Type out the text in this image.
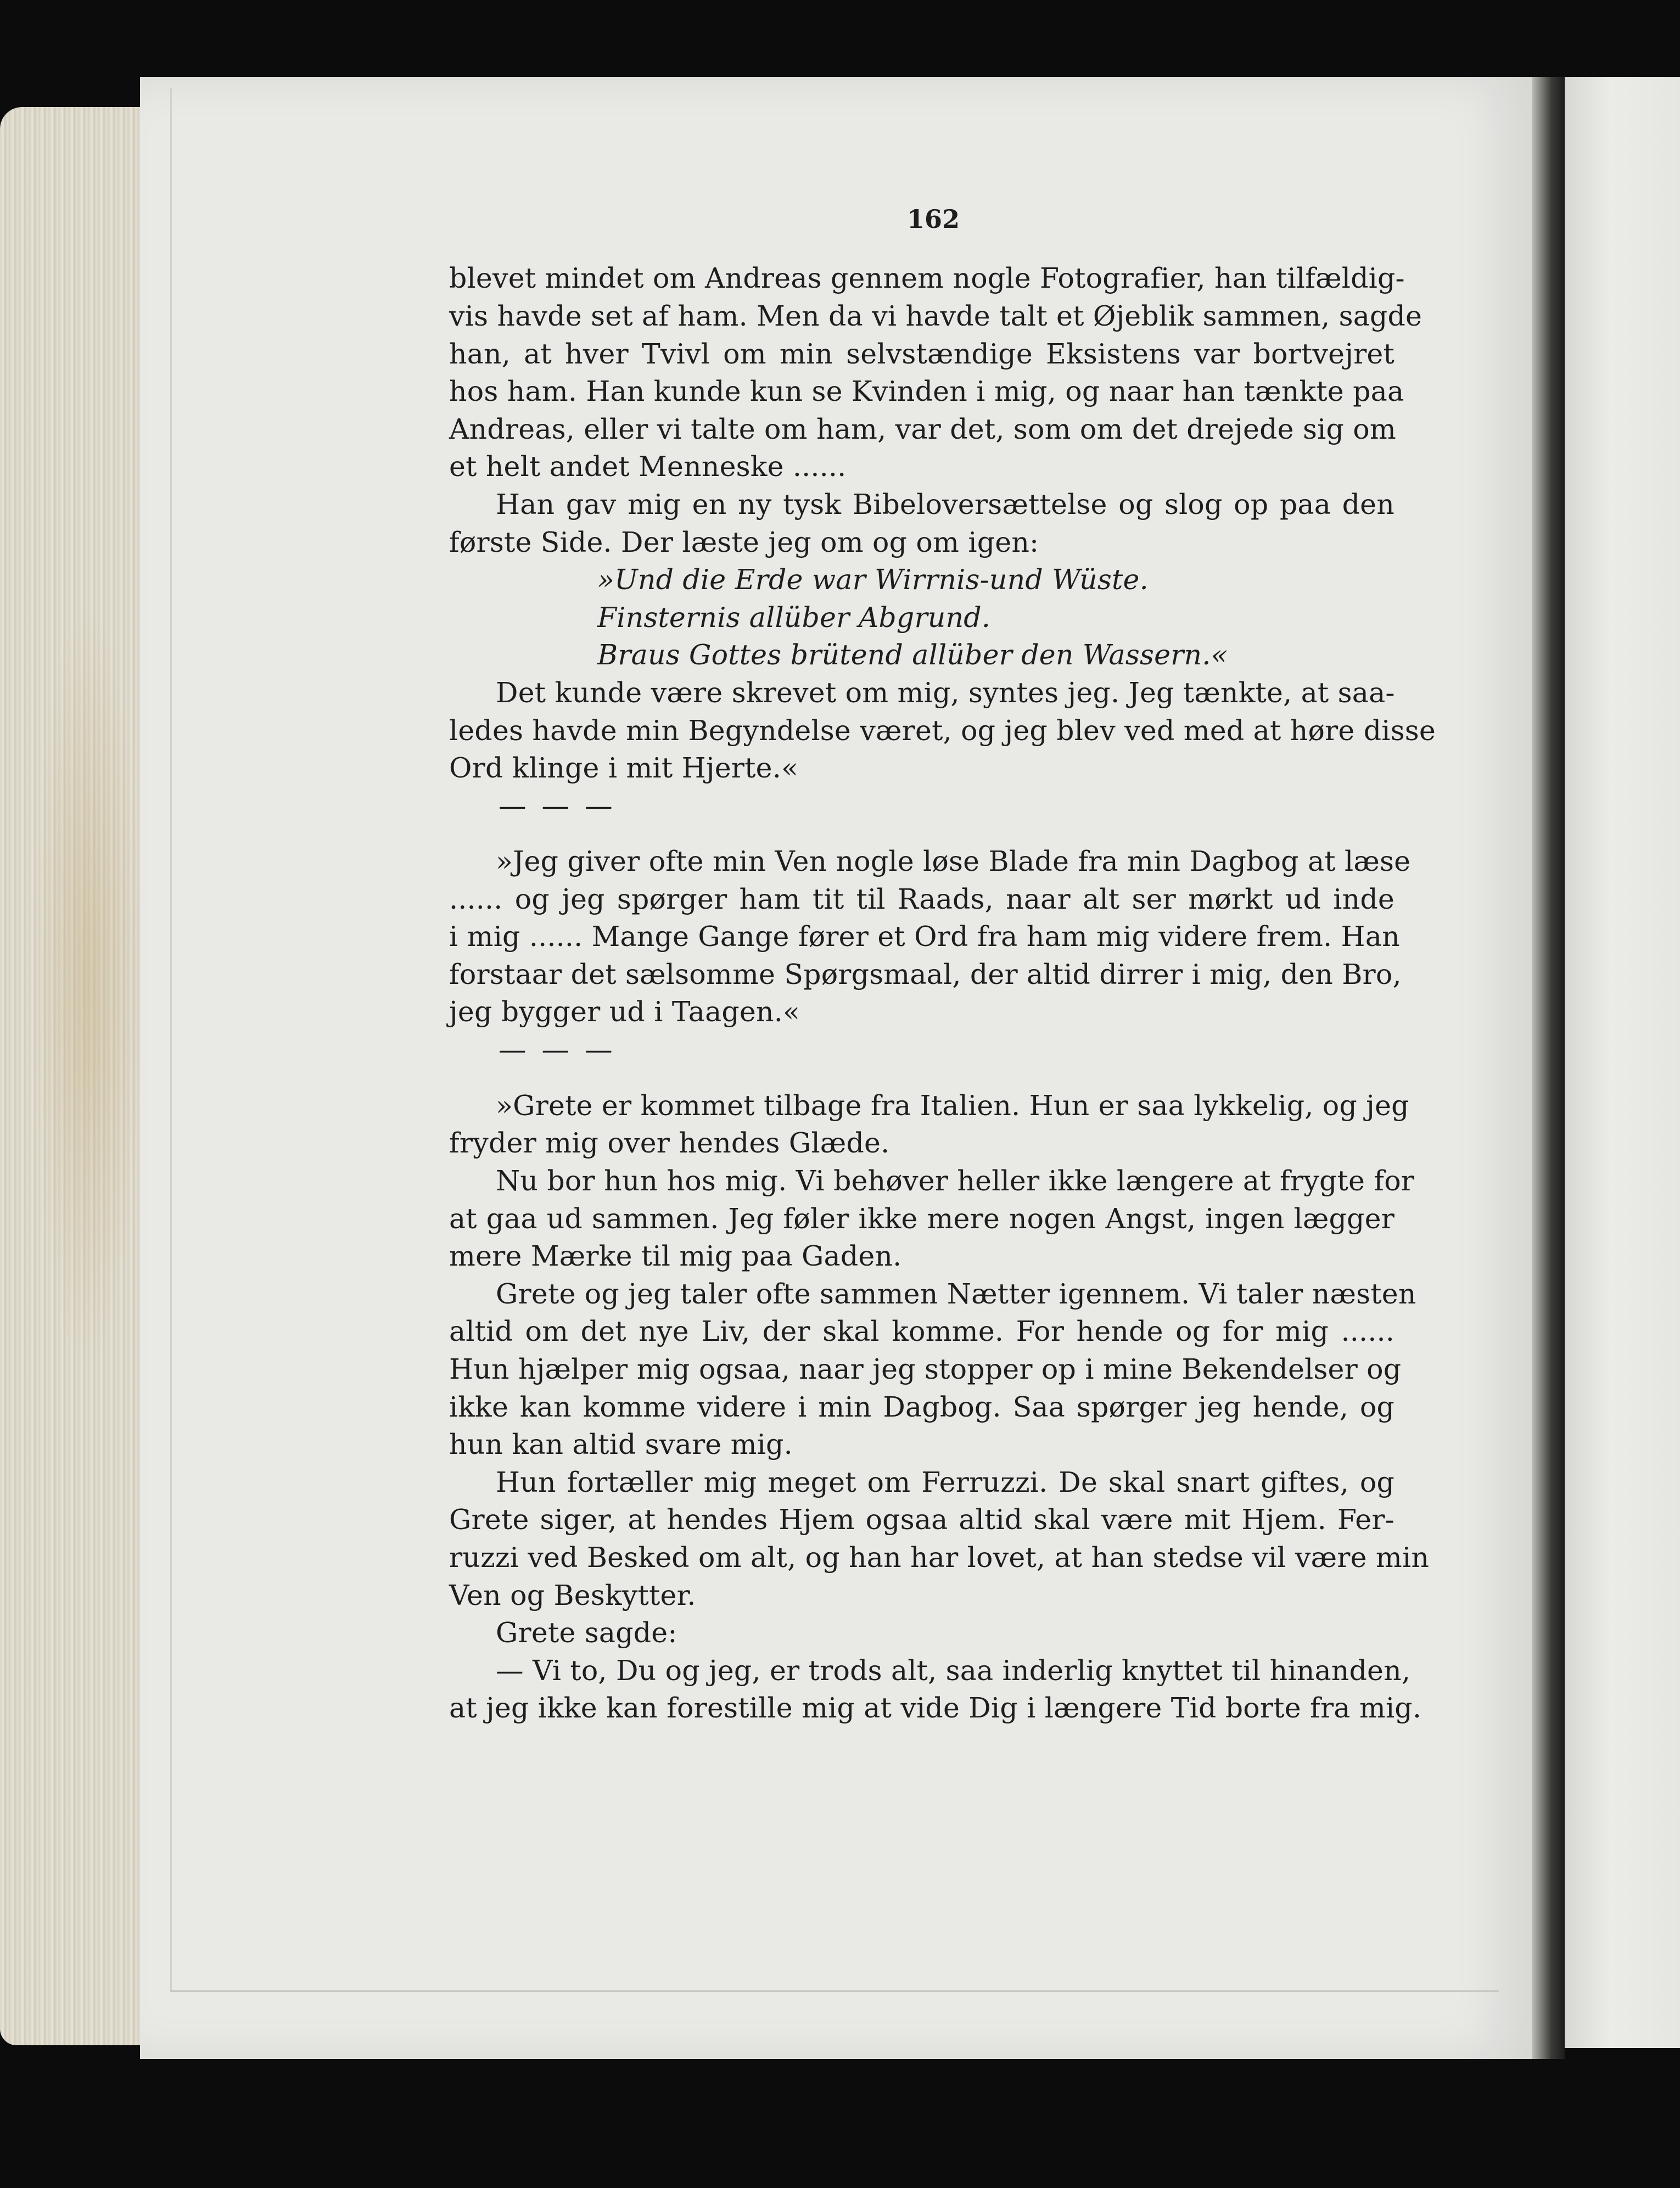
162
blevet mindet om Andreas gennem nogle Fotografier, han tilfældig-
vis havde set af ham. Men da vi havde talt et Øjeblik sammen, sagde
han, at hver Tvivl om min selvstændige Eksistens var bortvejret
hos ham. Han kunde kun se Kvinden i mig, og naar han tænkte paa
Andreas, eller vi talte om ham, var det, som om det drejede sig om
et helt andet Menneske ......
Han gav mig en ny tysk Bibeloversættelse og slog op paa den
første Side. Der læste jeg om og om igen:
»Und die Erde war Wirrnis-und Wüste.
Finsternis allüber Abgrund.
Braus Gottes brütend allüber den Wassern.«
Det kunde være skrevet om mig, syntes jeg. Jeg tænkte, at saa-
ledes havde min Begyndelse været, og jeg blev ved med at høre disse
Ord klinge i mit Hjerte.«
— — —
»Jeg giver ofte min Ven nogle løse Blade fra min Dagbog at læse
...... og jeg spørger ham tit til Raads, naar alt ser mørkt ud inde
i mig ...... Mange Gange fører et Ord fra ham mig videre frem. Han
forstaar det sælsomme Spørgsmaal, der altid dirrer i mig, den Bro,
jeg bygger ud i Taagen.«
— — —
»Grete er kommet tilbage fra Italien. Hun er saa lykkelig, og jeg
fryder mig over hendes Glæde.
Nu bor hun hos mig. Vi behøver heller ikke længere at frygte for
at gaa ud sammen. Jeg føler ikke mere nogen Angst, ingen lægger
mere Mærke til mig paa Gaden.
Grete og jeg taler ofte sammen Nætter igennem. Vi taler næsten
altid om det nye Liv, der skal komme. For hende og for mig ......
Hun hjælper mig ogsaa, naar jeg stopper op i mine Bekendelser og
ikke kan komme videre i min Dagbog. Saa spørger jeg hende, og
hun kan altid svare mig.
Hun fortæller mig meget om Ferruzzi. De skal snart giftes, og
Grete siger, at hendes Hjem ogsaa altid skal være mit Hjem. Fer-
ruzzi ved Besked om alt, og han har lovet, at han stedse vil være min
Ven og Beskytter.
Grete sagde:
— Vi to, Du og jeg, er trods alt, saa inderlig knyttet til hinanden,
at jeg ikke kan forestille mig at vide Dig i længere Tid borte fra mig.
